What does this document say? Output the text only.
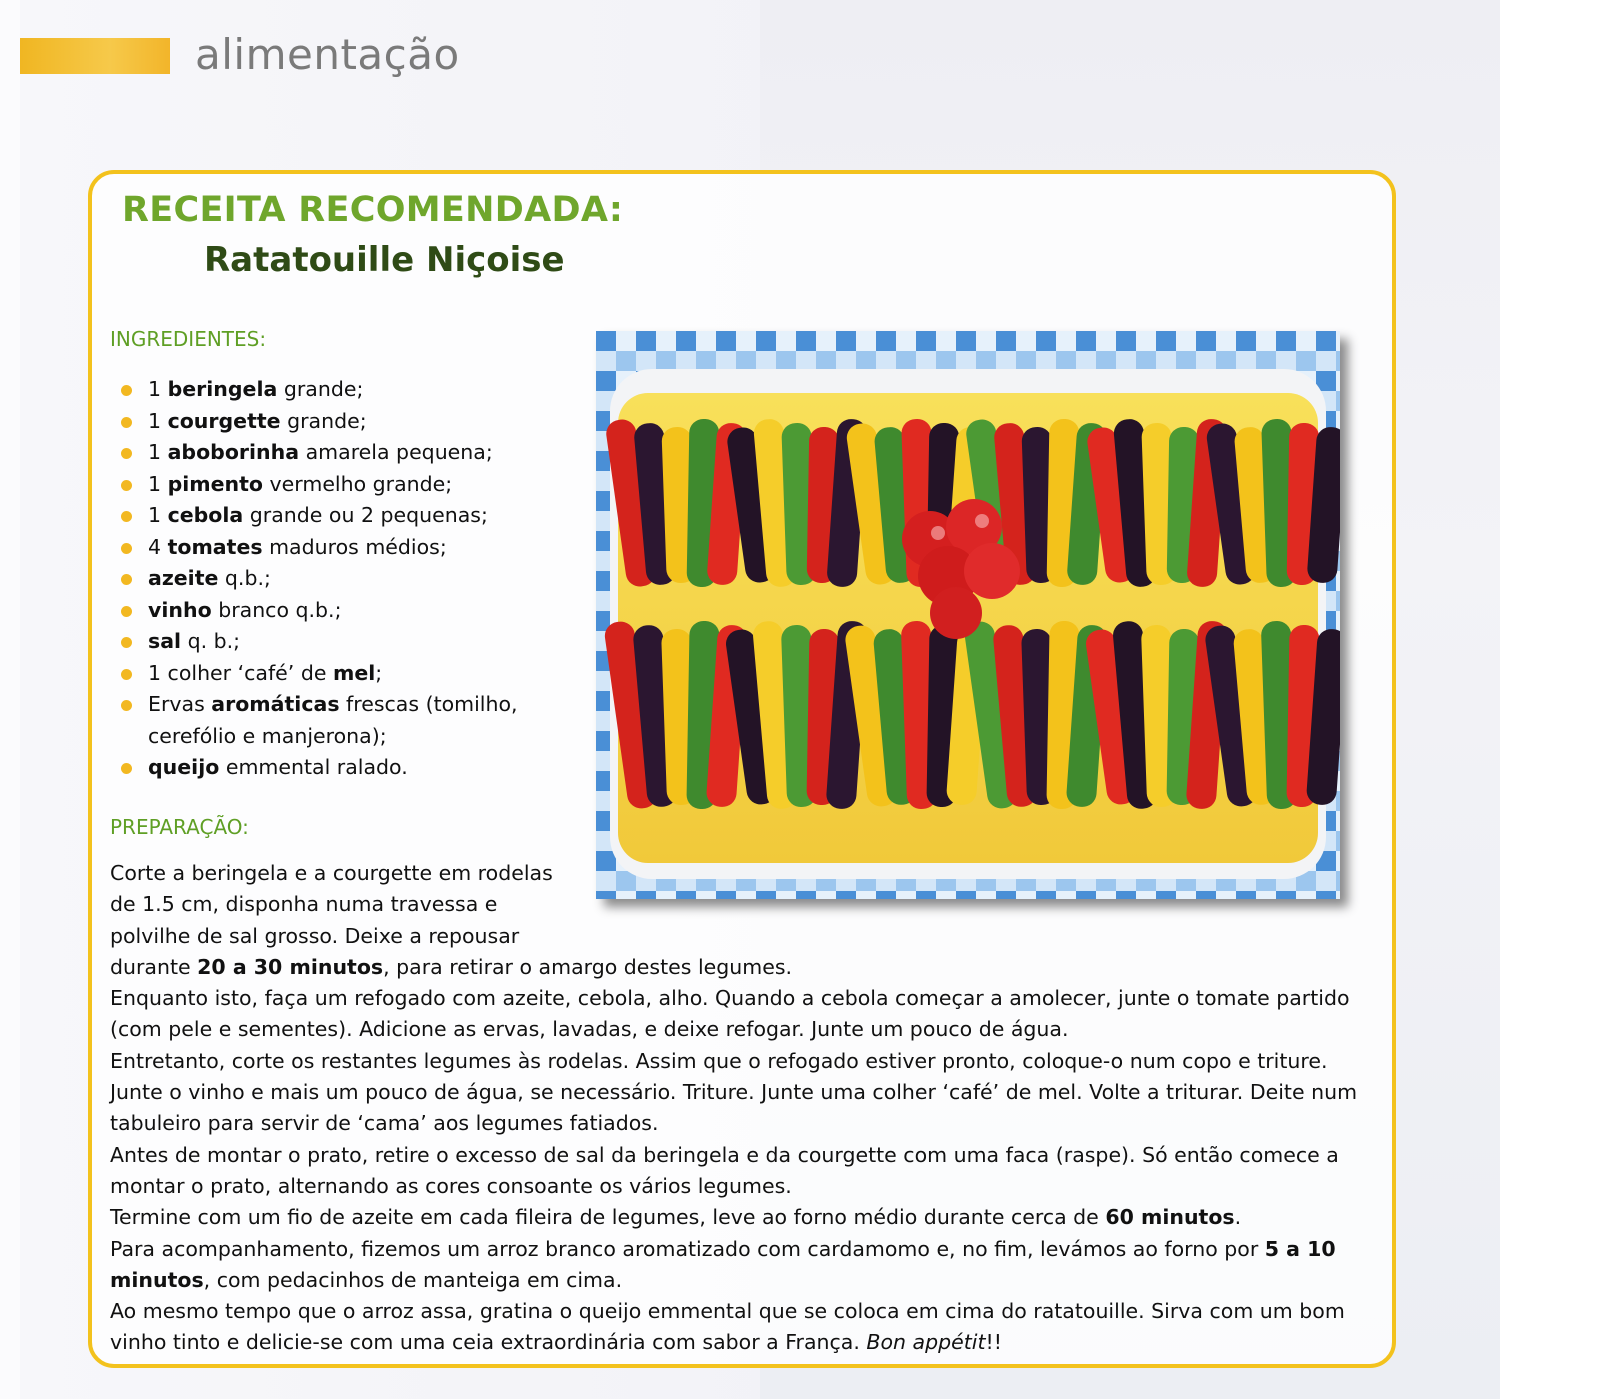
alimentação
RECEITA RECOMENDADA:
Ratatouille Niçoise
INGREDIENTES:
1 beringela grande;
1 courgette grande;
1 aboborinha amarela pequena;
1 pimento vermelho grande;
1 cebola grande ou 2 pequenas;
4 tomates maduros médios;
azeite q.b.;
vinho branco q.b.;
sal q. b.;
1 colher ‘café’ de mel;
Ervas aromáticas frescas (tomilho,
cerefólio e manjerona);
queijo emmental ralado.
PREPARAÇÃO:

Corte a beringela e a courgette em rodelas

de 1.5 cm, disponha numa travessa e

polvilhe de sal grosso. Deixe a repousar

durante 20 a 30 minutos, para retirar o amargo destes legumes.

Enquanto isto, faça um refogado com azeite, cebola, alho. Quando a cebola começar a amolecer, junte o tomate partido (com pele e sementes). Adicione as ervas, lavadas, e deixe refogar. Junte um pouco de água.

Entretanto, corte os restantes legumes às rodelas. Assim que o refogado estiver pronto, coloque-o num copo e triture. Junte o vinho e mais um pouco de água, se necessário. Triture. Junte uma colher ‘café’ de mel. Volte a triturar. Deite num tabuleiro para servir de ‘cama’ aos legumes fatiados.

Antes de montar o prato, retire o excesso de sal da beringela e da courgette com uma faca (raspe). Só então comece a montar o prato, alternando as cores consoante os vários legumes.

Termine com um fio de azeite em cada fileira de legumes, leve ao forno médio durante cerca de 60 minutos.

Para acompanhamento, fizemos um arroz branco aromatizado com cardamomo e, no fim, levámos ao forno por 5 a 10 minutos, com pedacinhos de manteiga em cima.

Ao mesmo tempo que o arroz assa, gratina o queijo emmental que se coloca em cima do ratatouille. Sirva com um bom vinho tinto e delicie-se com uma ceia extraordinária com sabor a França. Bon appétit!!
